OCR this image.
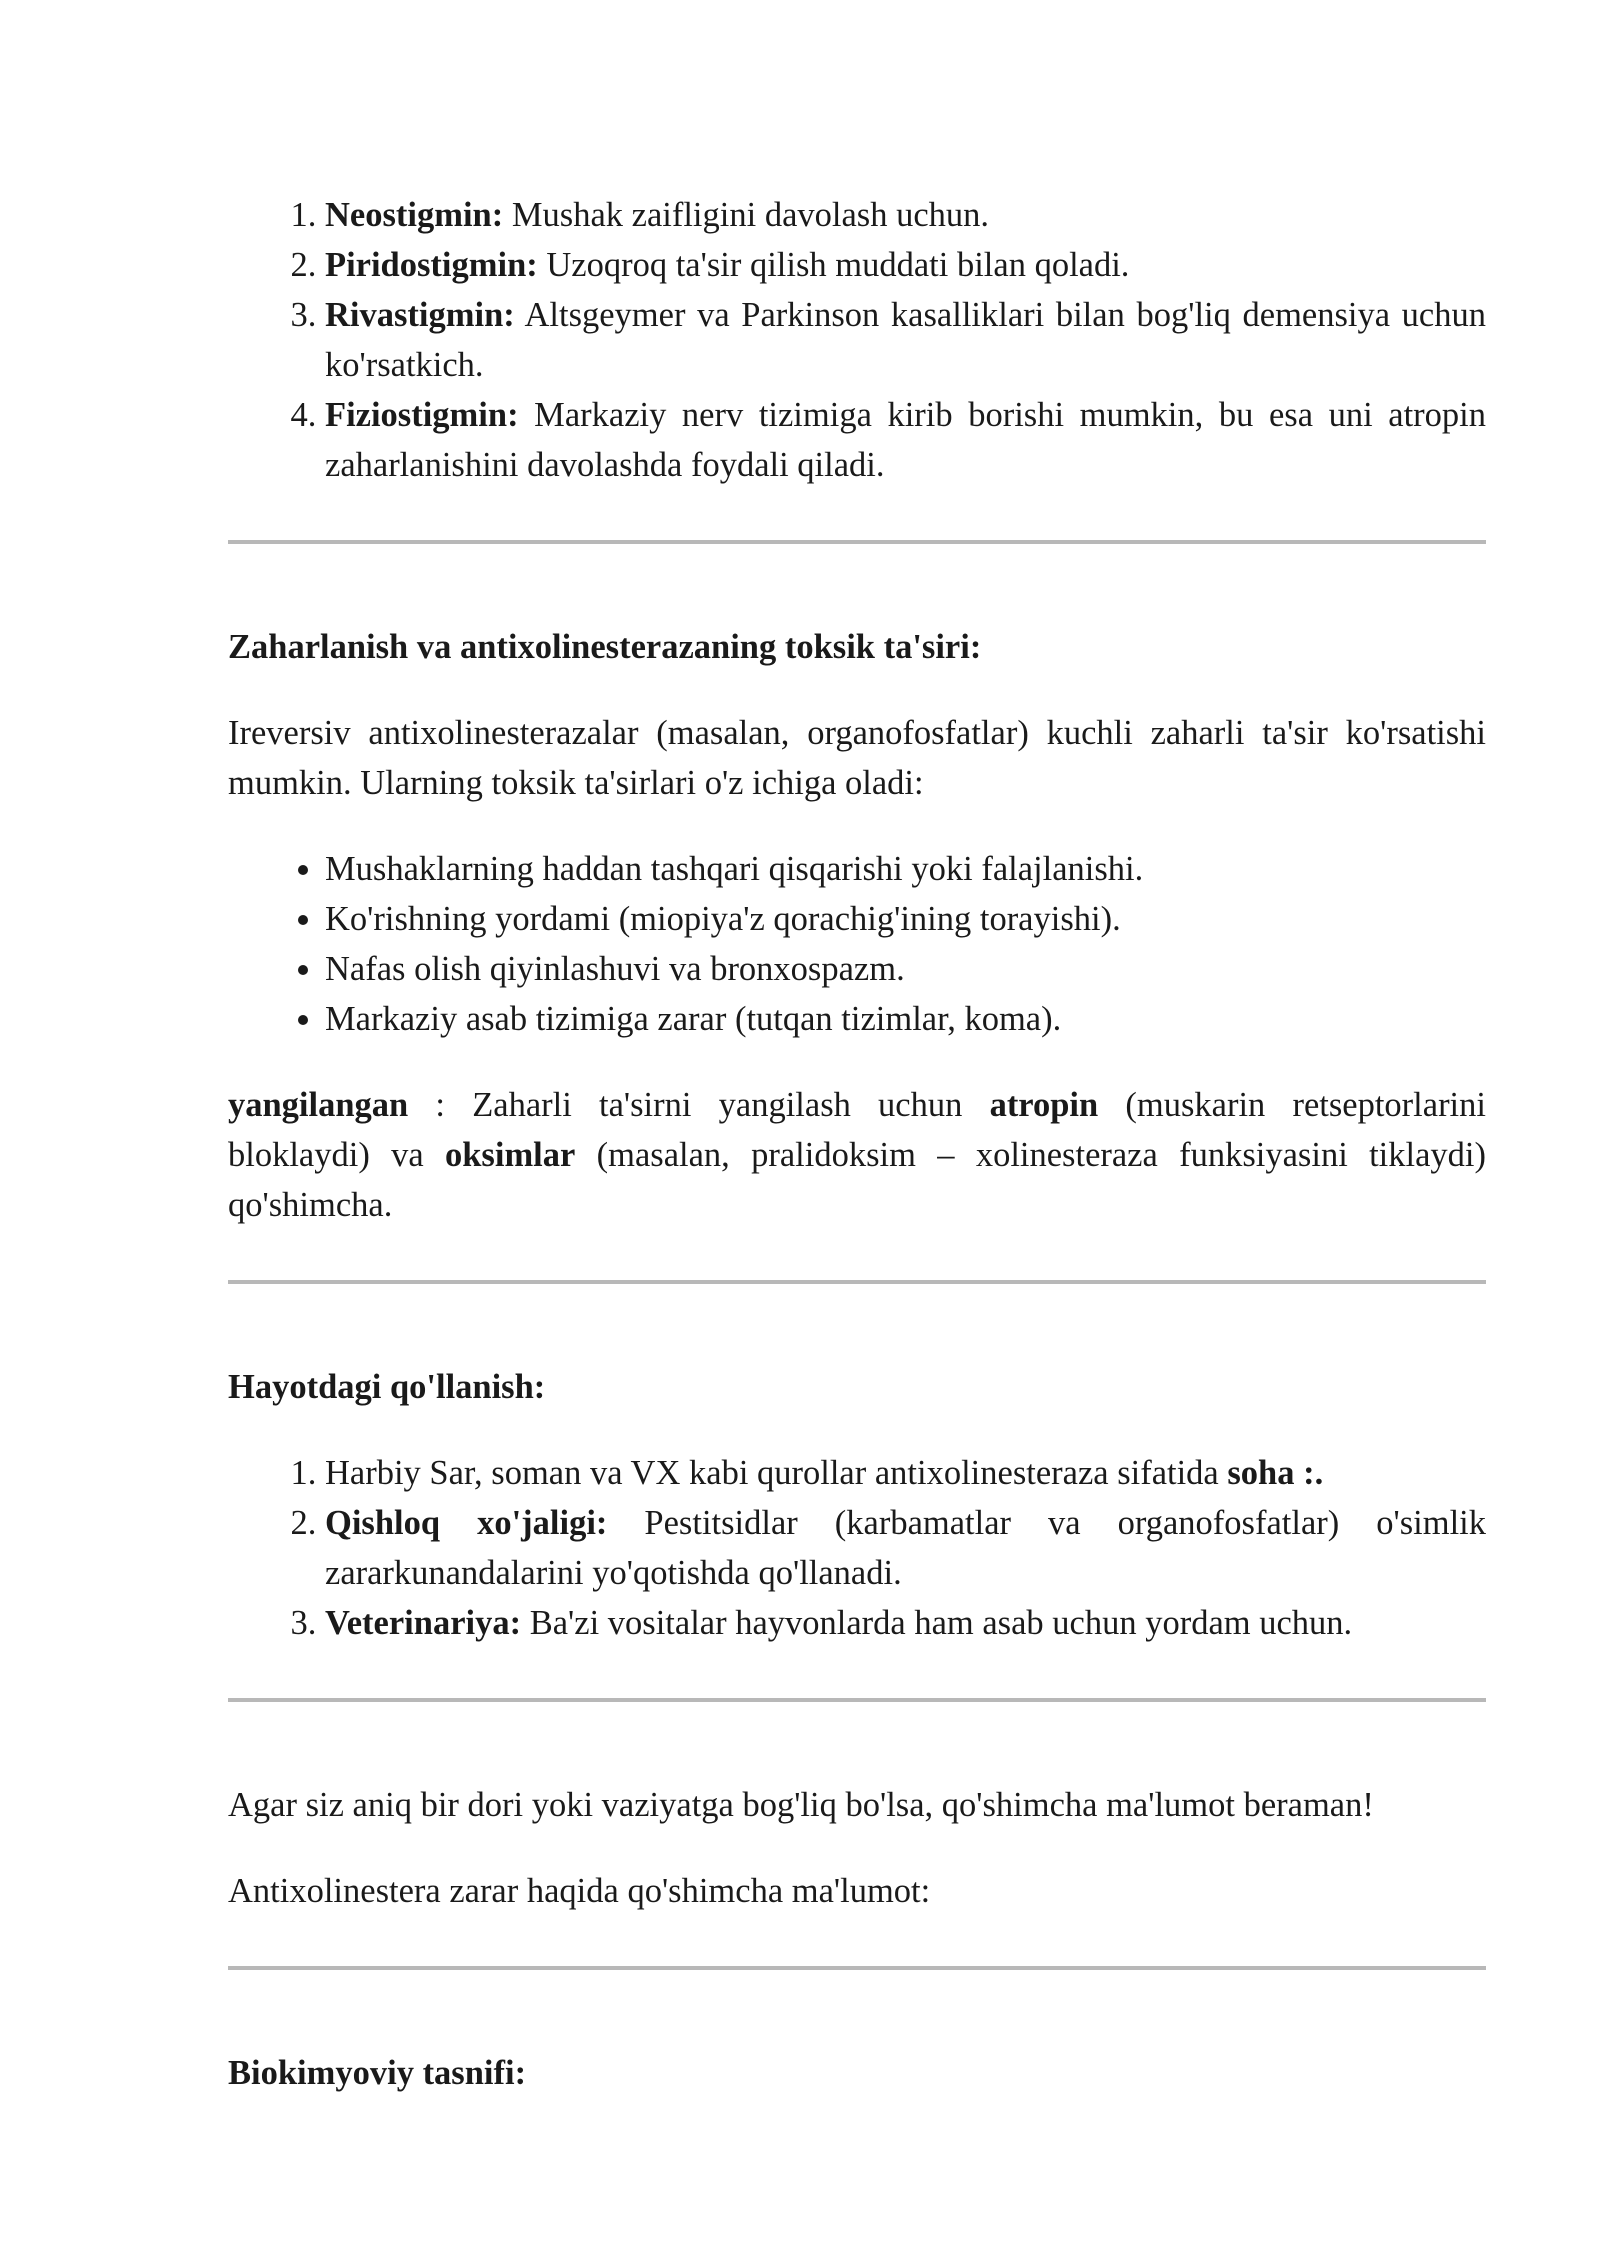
1. Neostigmin: Mushak zaifligini davolash uchun.
2. Piridostigmin: Uzoqroq ta'sir qilish muddati bilan qoladi.
3. Rivastigmin: Altsgeymer va Parkinson kasalliklari bilan bog'liq demensiya uchun ko'rsatkich.
4. Fiziostigmin: Markaziy nerv tizimiga kirib borishi mumkin, bu esa uni atropin zaharlanishini davolashda foydali qiladi.
Zaharlanish va antixolinesterazaning toksik ta'siri:

Ireversiv antixolinesterazalar (masalan, organofosfatlar) kuchli zaharli ta'sir ko'rsatishi mumkin. Ularning toksik ta'sirlari o'z ichiga oladi:

• Mushaklarning haddan tashqari qisqarishi yoki falajlanishi.
• Ko'rishning yordami (miopiya'z qorachig'ining torayishi).
• Nafas olish qiyinlashuvi va bronxospazm.
• Markaziy asab tizimiga zarar (tutqan tizimlar, koma).

yangilangan : Zaharli ta'sirni yangilash uchun atropin (muskarin retseptorlarini bloklaydi) va oksimlar (masalan, pralidoksim – xolinesteraza funksiyasini tiklaydi) qo'shimcha.

Hayotdagi qo'llanish:
1. Harbiy Sar, soman va VX kabi qurollar antixolinesteraza sifatida soha :.
2. Qishloq xo'jaligi: Pestitsidlar (karbamatlar va organofosfatlar) o'simlik zararkunandalarini yo'qotishda qo'llanadi.
3. Veterinariya: Ba'zi vositalar hayvonlarda ham asab uchun yordam uchun.

Agar siz aniq bir dori yoki vaziyatga bog'liq bo'lsa, qo'shimcha ma'lumot beraman!

Antixolinestera zarar haqida qo'shimcha ma'lumot:

Biokimyoviy tasnifi:
